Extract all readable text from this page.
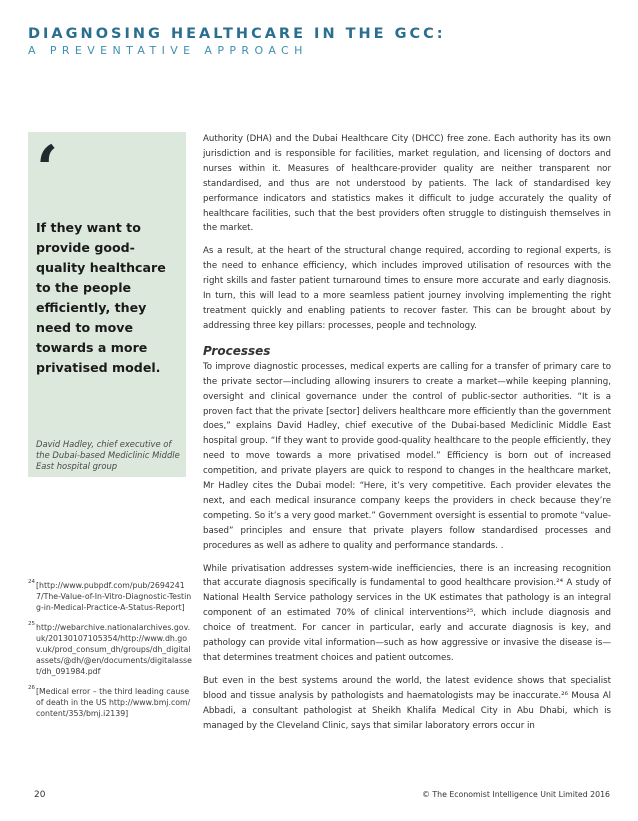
DIAGNOSING HEALTHCARE IN THE GCC:
A PREVENTATIVE APPROACH
‘
If they want to provide good-quality healthcare to the people efficiently, they need to move towards a more privatised model.
David Hadley, chief executive of the Dubai-based Mediclinic Middle East hospital group
24 [http://www.pubpdf.com/pub/26942417/The-Value-of-In-Vitro-Diagnostic-Testing-in-Medical-Practice-A-Status-Report]
25 http://webarchive.nationalarchives.gov.uk/20130107105354/http://www.dh.gov.uk/prod_consum_dh/groups/dh_digitalassets/@dh/@en/documents/digitalasset/dh_091984.pdf
26 [Medical error – the third leading cause of death in the US http://www.bmj.com/content/353/bmj.i2139]

Authority (DHA) and the Dubai Healthcare City (DHCC) free zone. Each authority has its own jurisdiction and is responsible for facilities, market regulation, and licensing of doctors and nurses within it. Measures of healthcare-provider quality are neither transparent nor standardised, and thus are not understood by patients. The lack of standardised key performance indicators and statistics makes it difficult to judge accurately the quality of healthcare facilities, such that the best providers often struggle to distinguish themselves in the market.

As a result, at the heart of the structural change required, according to regional experts, is the need to enhance efficiency, which includes improved utilisation of resources with the right skills and faster patient turnaround times to ensure more accurate and early diagnosis. In turn, this will lead to a more seamless patient journey involving implementing the right treatment quickly and enabling patients to recover faster. This can be brought about by addressing three key pillars: processes, people and technology.

Processes

To improve diagnostic processes, medical experts are calling for a transfer of primary care to the private sector—including allowing insurers to create a market—while keeping planning, oversight and clinical governance under the control of public-sector authorities. “It is a proven fact that the private [sector] delivers healthcare more efficiently than the government does,” explains David Hadley, chief executive of the Dubai-based Mediclinic Middle East hospital group. “If they want to provide good-quality healthcare to the people efficiently, they need to move towards a more privatised model.” Efficiency is born out of increased competition, and private players are quick to respond to changes in the healthcare market, Mr Hadley cites the Dubai model: “Here, it’s very competitive. Each provider elevates the next, and each medical insurance company keeps the providers in check because they’re competing. So it’s a very good market.” Government oversight is essential to promote “value-based” principles and ensure that private players follow standardised processes and procedures as well as adhere to quality and performance standards. .

While privatisation addresses system-wide inefficiencies, there is an increasing recognition that accurate diagnosis specifically is fundamental to good healthcare provision.²⁴ A study of National Health Service pathology services in the UK estimates that pathology is an integral component of an estimated 70% of clinical interventions²⁵, which include diagnosis and choice of treatment. For cancer in particular, early and accurate diagnosis is key, and pathology can provide vital information—such as how aggressive or invasive the disease is—that determines treatment choices and patient outcomes.

But even in the best systems around the world, the latest evidence shows that specialist blood and tissue analysis by pathologists and haematologists may be inaccurate.²⁶ Mousa Al Abbadi, a consultant pathologist at Sheikh Khalifa Medical City in Abu Dhabi, which is managed by the Cleveland Clinic, says that similar laboratory errors occur in

20	© The Economist Intelligence Unit Limited 2016
